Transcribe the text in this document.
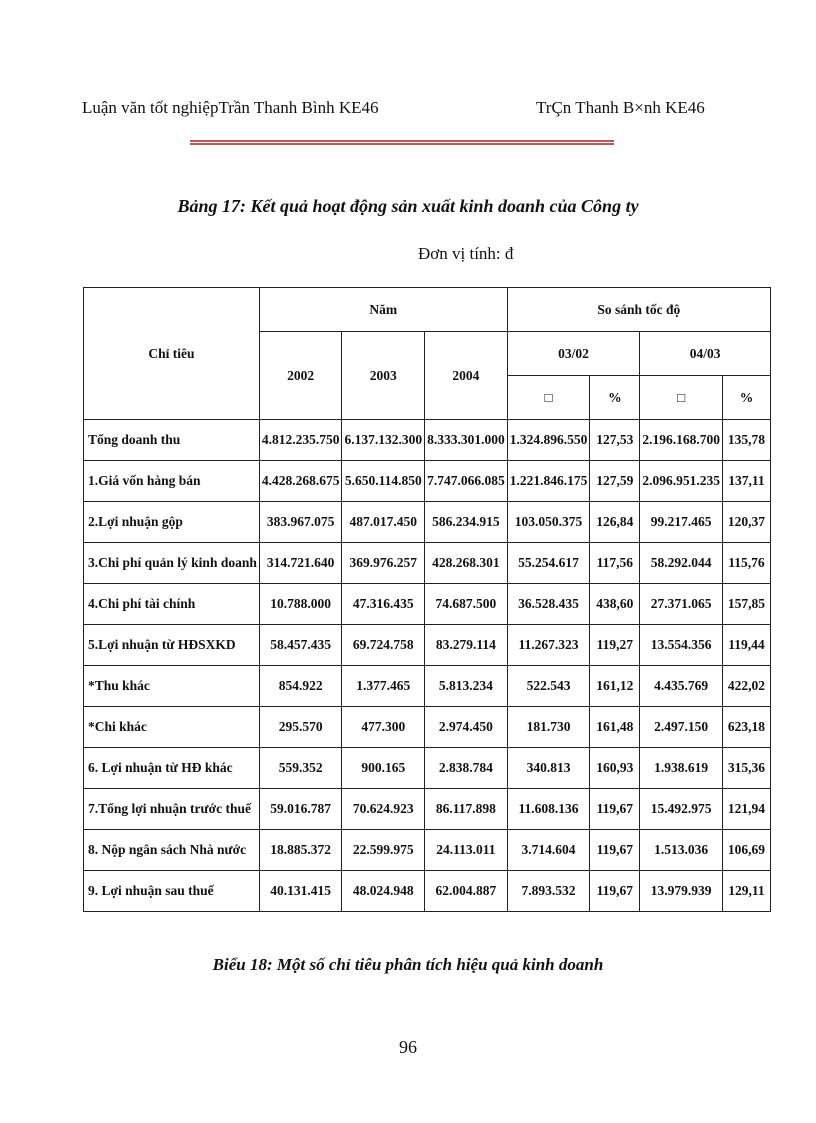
Luận văn tốt nghiệpTrần Thanh Bình KE46	TrÇn Thanh B×nh KE46
Bảng 17: Kết quả hoạt động sản xuất kinh doanh của Công ty
Đơn vị tính: đ
Chỉ tiêu	Năm			So sánh tốc độ			
	2002	2003	2004	03/02		04/03	
				□	%	□	%
Tổng doanh thu	4.812.235.750	6.137.132.300	8.333.301.000	1.324.896.550	127,53	2.196.168.700	135,78
1.Giá vốn hàng bán	4.428.268.675	5.650.114.850	7.747.066.085	1.221.846.175	127,59	2.096.951.235	137,11
2.Lợi nhuận gộp	383.967.075	487.017.450	586.234.915	103.050.375	126,84	99.217.465	120,37
3.Chi phí quản lý kinh doanh	314.721.640	369.976.257	428.268.301	55.254.617	117,56	58.292.044	115,76
4.Chi phí tài chính	10.788.000	47.316.435	74.687.500	36.528.435	438,60	27.371.065	157,85
5.Lợi nhuận từ HĐSXKD	58.457.435	69.724.758	83.279.114	11.267.323	119,27	13.554.356	119,44
*Thu khác	854.922	1.377.465	5.813.234	522.543	161,12	4.435.769	422,02
*Chi khác	295.570	477.300	2.974.450	181.730	161,48	2.497.150	623,18
6. Lợi nhuận từ HĐ khác	559.352	900.165	2.838.784	340.813	160,93	1.938.619	315,36
7.Tổng lợi nhuận trước thuế	59.016.787	70.624.923	86.117.898	11.608.136	119,67	15.492.975	121,94
8. Nộp ngân sách Nhà nước	18.885.372	22.599.975	24.113.011	3.714.604	119,67	1.513.036	106,69
9. Lợi nhuận sau thuế	40.131.415	48.024.948	62.004.887	7.893.532	119,67	13.979.939	129,11
Biểu 18: Một số chỉ tiêu phân tích hiệu quả kinh doanh
96
